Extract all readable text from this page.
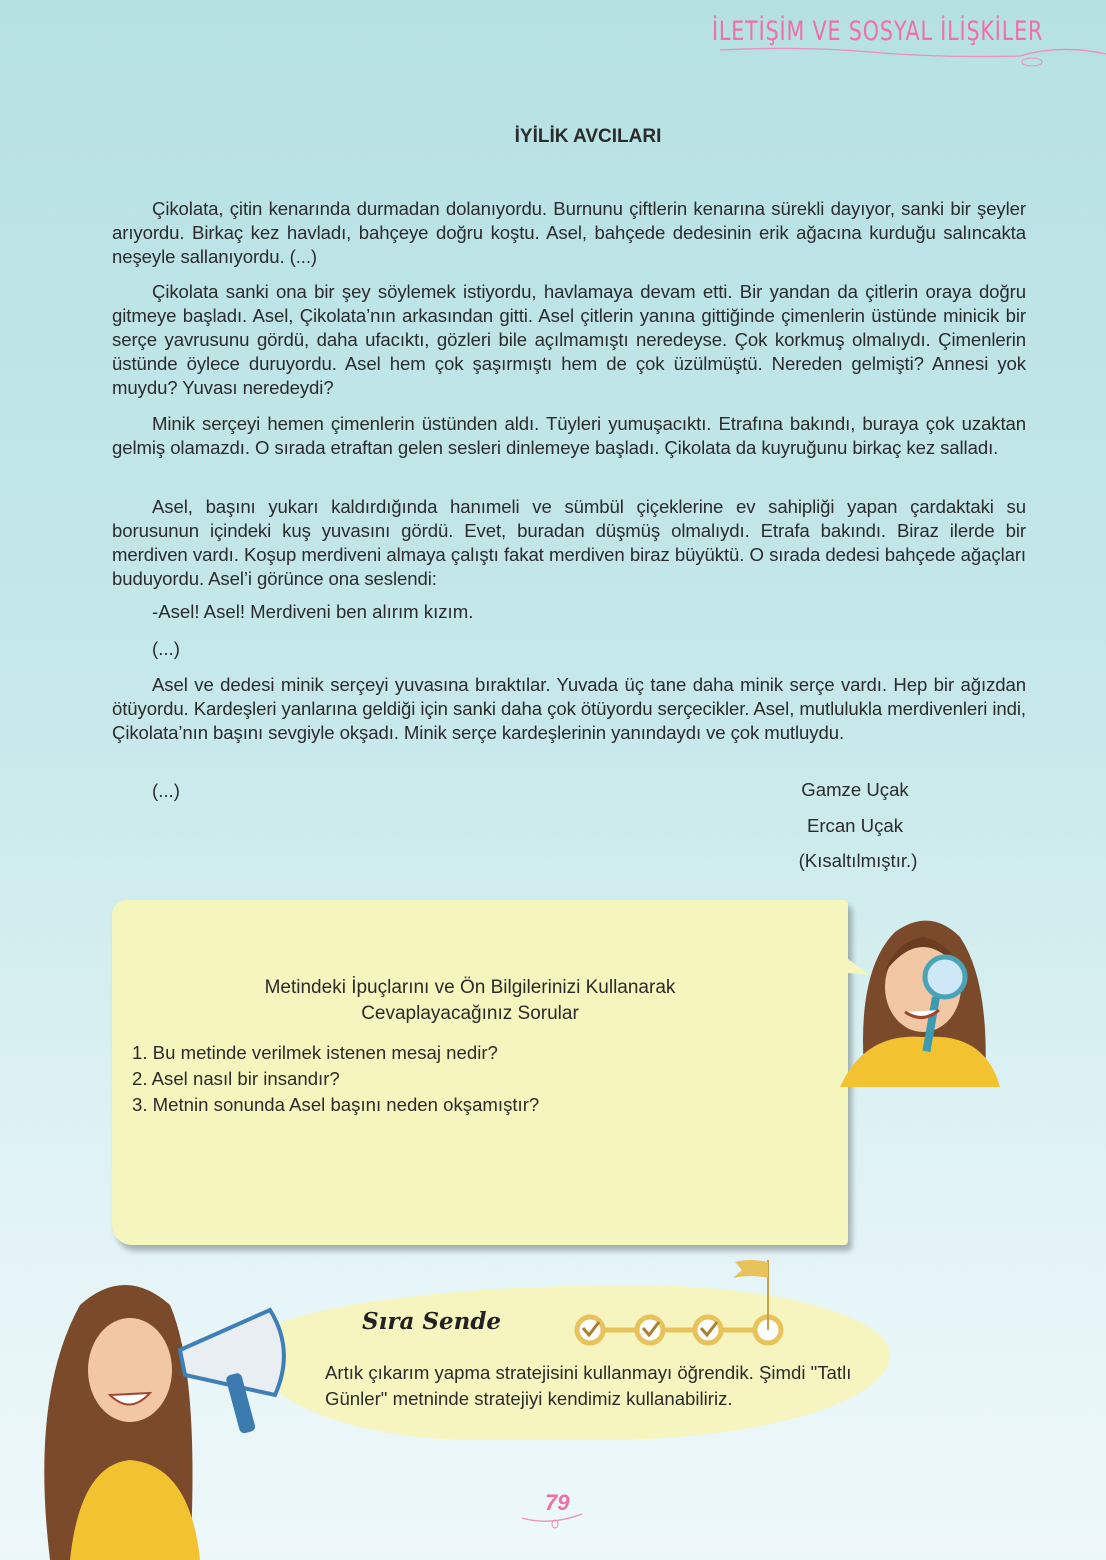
İLETİŞİM VE SOSYAL İLİŞKİLER
İYİLİK AVCILARI
Çikolata, çitin kenarında durmadan dolanıyordu. Burnunu çiftlerin kenarına sürekli dayıyor, sanki bir şeyler arıyordu. Birkaç kez havladı, bahçeye doğru koştu. Asel, bahçede dedesinin erik ağacına kurduğu salıncakta neşeyle sallanıyordu. (...)
Çikolata sanki ona bir şey söylemek istiyordu, havlamaya devam etti. Bir yandan da çitlerin oraya doğru gitmeye başladı. Asel, Çikolata’nın arkasından gitti. Asel çitlerin yanına gittiğinde çimenlerin üstünde minicik bir serçe yavrusunu gördü, daha ufacıktı, gözleri bile açılmamıştı neredeyse. Çok korkmuş olmalıydı. Çimenlerin üstünde öylece duruyordu. Asel hem çok şaşırmıştı hem de çok üzülmüştü. Nereden gelmişti? Annesi yok muydu? Yuvası neredeydi?
Minik serçeyi hemen çimenlerin üstünden aldı. Tüyleri yumuşacıktı. Etrafına bakındı, buraya çok uzaktan gelmiş olamazdı. O sırada etraftan gelen sesleri dinlemeye başladı. Çikolata da kuyruğunu birkaç kez salladı.
Asel, başını yukarı kaldırdığında hanımeli ve sümbül çiçeklerine ev sahipliği yapan çardaktaki su borusunun içindeki kuş yuvasını gördü. Evet, buradan düşmüş olmalıydı. Etrafa bakındı. Biraz ilerde bir merdiven vardı. Koşup merdiveni almaya çalıştı fakat merdiven biraz büyüktü. O sırada dedesi bahçede ağaçları buduyordu. Asel’i görünce ona seslendi:
-Asel! Asel! Merdiveni ben alırım kızım.
(...)
Asel ve dedesi minik serçeyi yuvasına bıraktılar. Yuvada üç tane daha minik serçe vardı. Hep bir ağızdan ötüyordu. Kardeşleri yanlarına geldiği için sanki daha çok ötüyordu serçecikler. Asel, mutlulukla merdivenleri indi, Çikolata’nın başını sevgiyle okşadı. Minik serçe kardeşlerinin yanındaydı ve çok mutluydu.
(...)	Gamze Uçak
Ercan Uçak
(Kısaltılmıştır.)
Metindeki İpuçlarını ve Ön Bilgilerinizi Kullanarak
Cevaplayacağınız Sorular
1. Bu metinde verilmek istenen mesaj nedir?
2. Asel nasıl bir insandır?
3. Metnin sonunda Asel başını neden okşamıştır?
Sıra Sende
Artık çıkarım yapma stratejisini kullanmayı öğrendik. Şimdi "Tatlı Günler" metninde stratejiyi kendimiz kullanabiliriz.
79
